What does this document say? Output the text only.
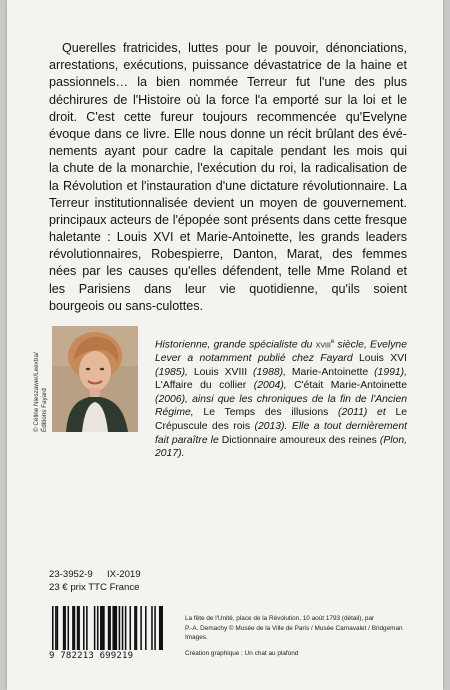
Querelles fratricides, luttes pour le pouvoir, dénonciations,
arrestations, exécutions, puissance dévastatrice de la haine et
passionnels… la bien nommée Terreur fut l'une des plus
déchirures de l'Histoire où la force l'a emporté sur la loi et le
droit. C'est cette fureur toujours recommencée qu'Evelyne
évoque dans ce livre. Elle nous donne un récit brûlant des évé-
nements ayant pour cadre la capitale pendant les mois qui
la chute de la monarchie, l'exécution du roi, la radicalisation de
la Révolution et l'instauration d'une dictature révolutionnaire. La
Terreur institutionnalisée devient un moyen de gouvernement.
principaux acteurs de l'épopée sont présents dans cette fresque
haletante : Louis XVI et Marie-Antoinette, les grands leaders
révolutionnaires, Robespierre, Danton, Marat, des femmes
nées par les causes qu'elles défendent, telle Mme Roland et
les Parisiens dans leur vie quotidienne, qu'ils soient
bourgeois ou sans-culottes.
© Céline Nieszawer/Leextra/ Éditions Fayard

Historienne, grande spécialiste du xviii$^e$ siècle, Evelyne Lever a notamment publié chez Fayard Louis XVI (1985), Louis XVIII (1988), Marie-Antoinette (1991), L'Affaire du collier (2004), C'était Marie-Antoinette (2006), ainsi que les chroniques de la fin de l'Ancien Régime, Le Temps des illusions (2011) et Le Crépuscule des rois (2013). Elle a tout dernièrement fait paraître le Dictionnaire amoureux des reines (Plon, 2017).

23-3952-9 IX-2019
23 € prix TTC France
9 782213 699219
La fête de l'Unité, place de la Révolution, 10 août 1793 (détail), par
P.-A. Demachy © Musée de la Ville de Paris / Musée Carnavalet / Bridgeman Images.
Création graphique : Un chat au plafond
